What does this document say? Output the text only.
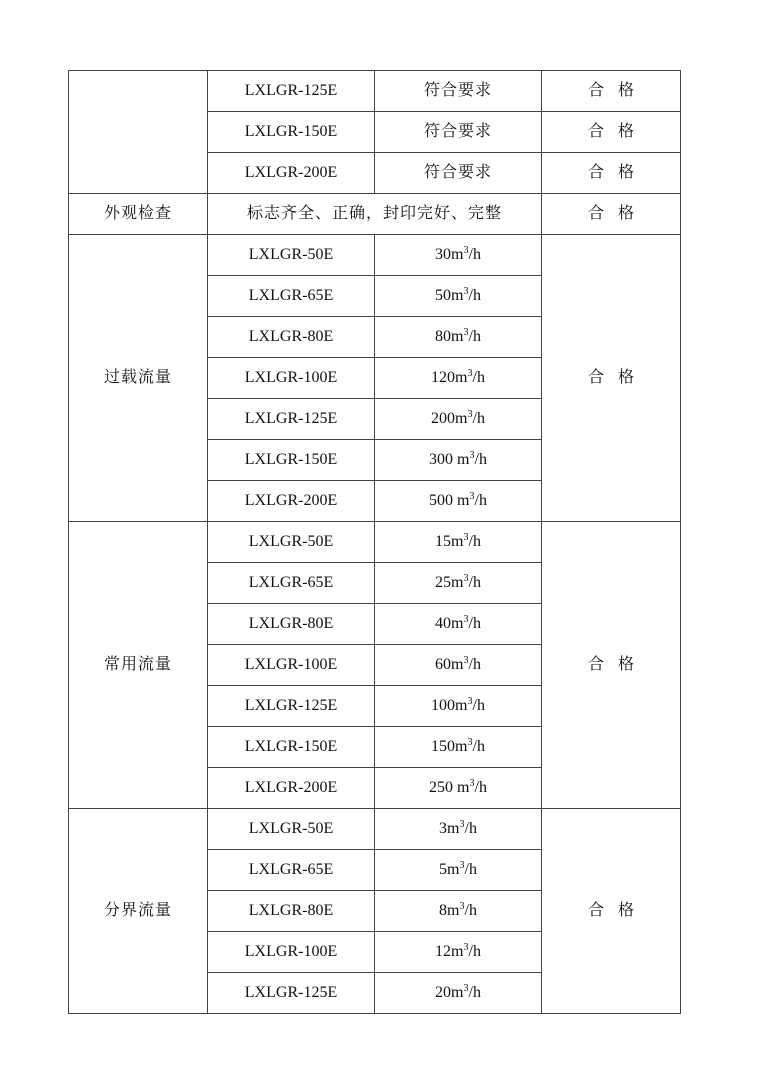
	LXLGR-125E	符合要求	合格
	LXLGR-150E	符合要求	合格
	LXLGR-200E	符合要求	合格
外观检查	标志齐全、正确，封印完好、完整		合格
过载流量	LXLGR-50E	$30m^3/h$	合格
	LXLGR-65E	$50m^3/h$	
	LXLGR-80E	$80m^3/h$	
	LXLGR-100E	$120m^3/h$	
	LXLGR-125E	$200m^3/h$	
	LXLGR-150E	300 $m^3/h$	
	LXLGR-200E	500 $m^3/h$	
常用流量	LXLGR-50E	$15m^3/h$	合格
	LXLGR-65E	$25m^3/h$	
	LXLGR-80E	$40m^3/h$	
	LXLGR-100E	$60m^3/h$	
	LXLGR-125E	$100m^3/h$	
	LXLGR-150E	$150m^3/h$	
	LXLGR-200E	250 $m^3/h$	
分界流量	LXLGR-50E	$3m^3/h$	合格
	LXLGR-65E	$5m^3/h$	
	LXLGR-80E	$8m^3/h$	
	LXLGR-100E	$12m^3/h$	
	LXLGR-125E	$20m^3/h$	
